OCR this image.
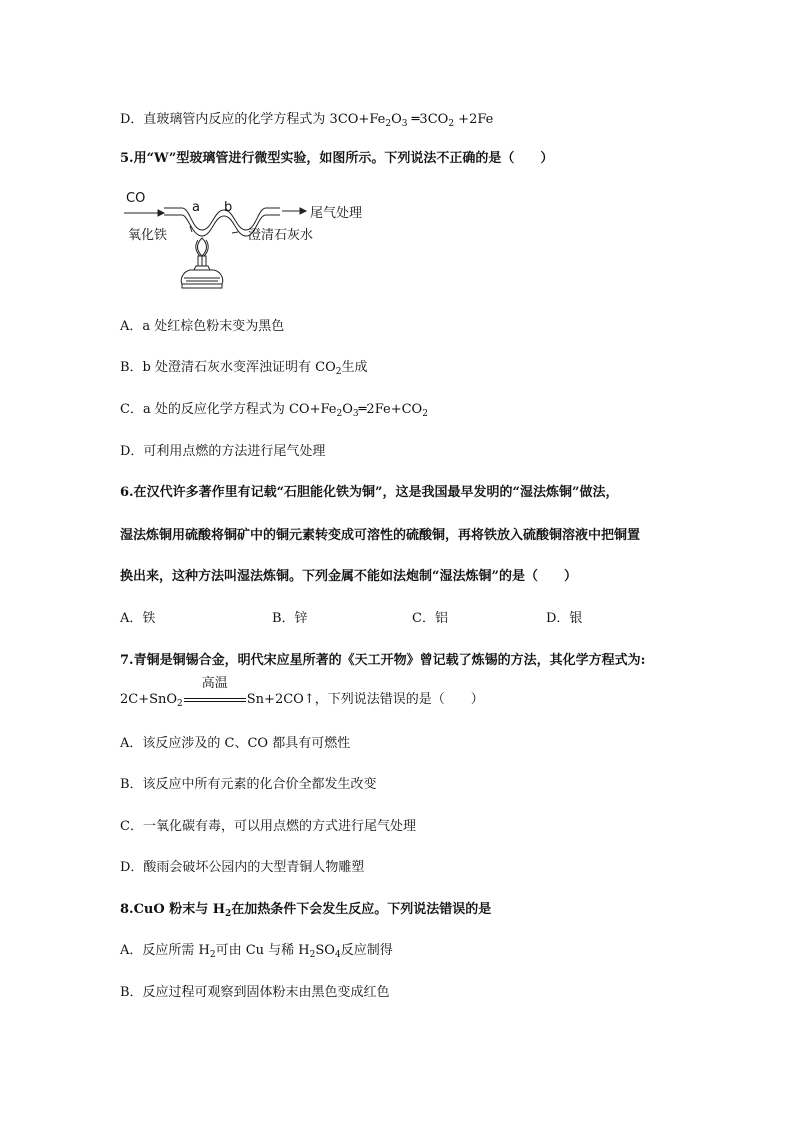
D．直玻璃管内反应的化学方程式为 $3CO+Fe_2O_3$ $═3CO_2 +2Fe$
5.用“W”型玻璃管进行微型实验，如图所示。下列说法不正确的是（　　）
CO
a b	尾气处理
氧化铁	澄清石灰水
A．a 处红棕色粉末变为黑色
B．b 处澄清石灰水变浑浊证明有 $CO_2$生成
C．a 处的反应化学方程式为 $CO+Fe_2O_3═2Fe+CO_2$
D．可利用点燃的方法进行尾气处理
6.在汉代许多著作里有记载“石胆能化铁为铜”，这是我国最早发明的“湿法炼铜”做法，
湿法炼铜用硫酸将铜矿中的铜元素转变成可溶性的硫酸铜，再将铁放入硫酸铜溶液中把铜置
换出来，这种方法叫湿法炼铜。下列金属不能如法炮制“湿法炼铜”的是（　　）
A．铁	B．锌	C．铝	D．银
7.青铜是铜锡合金，明代宋应星所著的《天工开物》曾记载了炼锡的方法，其化学方程式为:
2C+SnO$_2$
高温
Sn+2CO↑，下列说法错误的是（　　）
A．该反应涉及的 C、CO 都具有可燃性
B．该反应中所有元素的化合价全都发生改变
C．一氧化碳有毒，可以用点燃的方式进行尾气处理
D．酸雨会破坏公园内的大型青铜人物雕塑
8.CuO 粉末与 $H_2$在加热条件下会发生反应。下列说法错误的是
A．反应所需 $H_2$可由 Cu 与稀 $H_2SO_4$反应制得
B．反应过程可观察到固体粉末由黑色变成红色
